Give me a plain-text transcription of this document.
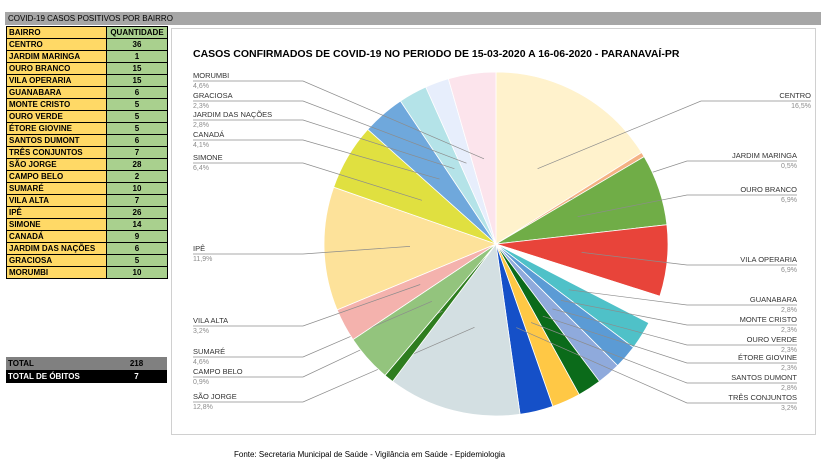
COVID-19 CASOS POSITIVOS POR BAIRRO
BAIRRO	QUANTIDADE
CENTRO	36
JARDIM MARINGA	1
OURO BRANCO	15
VILA OPERARIA	15
GUANABARA	6
MONTE CRISTO	5
OURO VERDE	5
ÉTORE GIOVINE	5
SANTOS DUMONT	6
TRÊS CONJUNTOS	7
SÃO JORGE	28
CAMPO BELO	2
SUMARÉ	10
VILA ALTA	7
IPÊ	26
SIMONE	14
CANADÁ	9
JARDIM DAS NAÇÕES	6
GRACIOSA	5
MORUMBI	10
TOTAL	218
TOTAL DE ÓBITOS	7
CASOS CONFIRMADOS DE COVID-19 NO PERIODO DE 15-03-2020 A 16-06-2020 - PARANAVAÍ-PR
CENTRO
16,5%
JARDIM MARINGA
0,5%
OURO BRANCO
6,9%
VILA OPERARIA
6,9%
GUANABARA
2,8%
MONTE CRISTO
2,3%
OURO VERDE
2,3%
ÉTORE GIOVINE
2,3%
SANTOS DUMONT
2,8%
TRÊS CONJUNTOS
3,2%
SÃO JORGE
12,8%
CAMPO BELO
0,9%
SUMARÉ
4,6%
VILA ALTA
3,2%
IPÊ
11,9%
SIMONE
6,4%
CANADÁ
4,1%
JARDIM DAS NAÇÕES
2,8%
GRACIOSA
2,3%
MORUMBI
4,6%
Fonte: Secretaria Municipal de Saúde - Vigilância em Saúde - Epidemiologia
